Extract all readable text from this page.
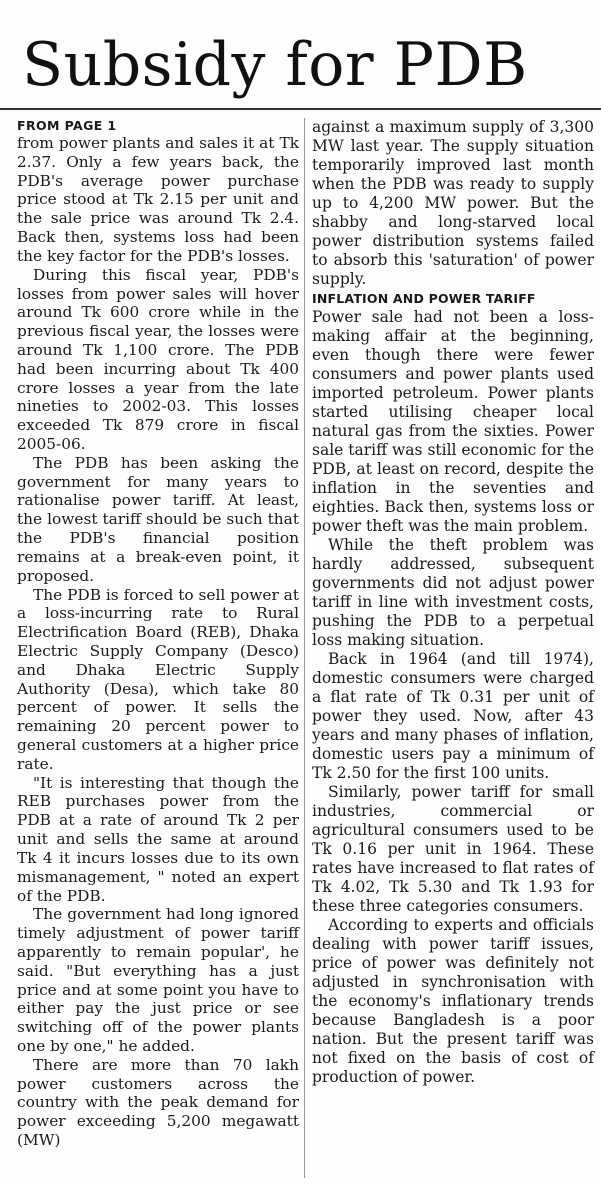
Subsidy for PDB
FROM PAGE 1

from power plants and sales it at Tk 2.37. Only a few years back, the PDB's average power purchase price stood at Tk 2.15 per unit and the sale price was around Tk 2.4. Back then, systems loss had been the key factor for the PDB's losses.

During this fiscal year, PDB's losses from power sales will hover around Tk 600 crore while in the previous fiscal year, the losses were around Tk 1,100 crore. The PDB had been incurring about Tk 400 crore losses a year from the late nineties to 2002-03. This losses exceeded Tk 879 crore in fiscal 2005-06.

The PDB has been asking the government for many years to rationalise power tariff. At least, the lowest tariff should be such that the PDB's financial position remains at a break-even point, it proposed.

The PDB is forced to sell power at a loss-incurring rate to Rural Electrification Board (REB), Dhaka Electric Supply Company (Desco) and Dhaka Electric Supply Authority (Desa), which take 80 percent of power. It sells the remaining 20 percent power to general customers at a higher price rate.

"It is interesting that though the REB purchases power from the PDB at a rate of around Tk 2 per unit and sells the same at around Tk 4 it incurs losses due to its own mismanagement, " noted an expert of the PDB.

The government had long ignored timely adjustment of power tariff apparently to remain popular', he said. "But everything has a just price and at some point you have to either pay the just price or see switching off of the power plants one by one," he added.

There are more than 70 lakh power customers across the country with the peak demand for power exceeding 5,200 megawatt (MW)

against a maximum supply of 3,300 MW last year. The supply situation temporarily improved last month when the PDB was ready to supply up to 4,200 MW power. But the shabby and long-starved local power distribution systems failed to absorb this 'saturation' of power supply.

INFLATION AND POWER TARIFF

Power sale had not been a loss-making affair at the beginning, even though there were fewer consumers and power plants used imported petroleum. Power plants started utilising cheaper local natural gas from the sixties. Power sale tariff was still economic for the PDB, at least on record, despite the inflation in the seventies and eighties. Back then, systems loss or power theft was the main problem.

While the theft problem was hardly addressed, subsequent governments did not adjust power tariff in line with investment costs, pushing the PDB to a perpetual loss making situation.

Back in 1964 (and till 1974), domestic consumers were charged a flat rate of Tk 0.31 per unit of power they used. Now, after 43 years and many phases of inflation, domestic users pay a minimum of Tk 2.50 for the first 100 units.

Similarly, power tariff for small industries, commercial or agricultural consumers used to be Tk 0.16 per unit in 1964. These rates have increased to flat rates of Tk 4.02, Tk 5.30 and Tk 1.93 for these three categories consumers.

According to experts and officials dealing with power tariff issues, price of power was definitely not adjusted in synchronisation with the economy's inflationary trends because Bangladesh is a poor nation. But the present tariff was not fixed on the basis of cost of production of power.
